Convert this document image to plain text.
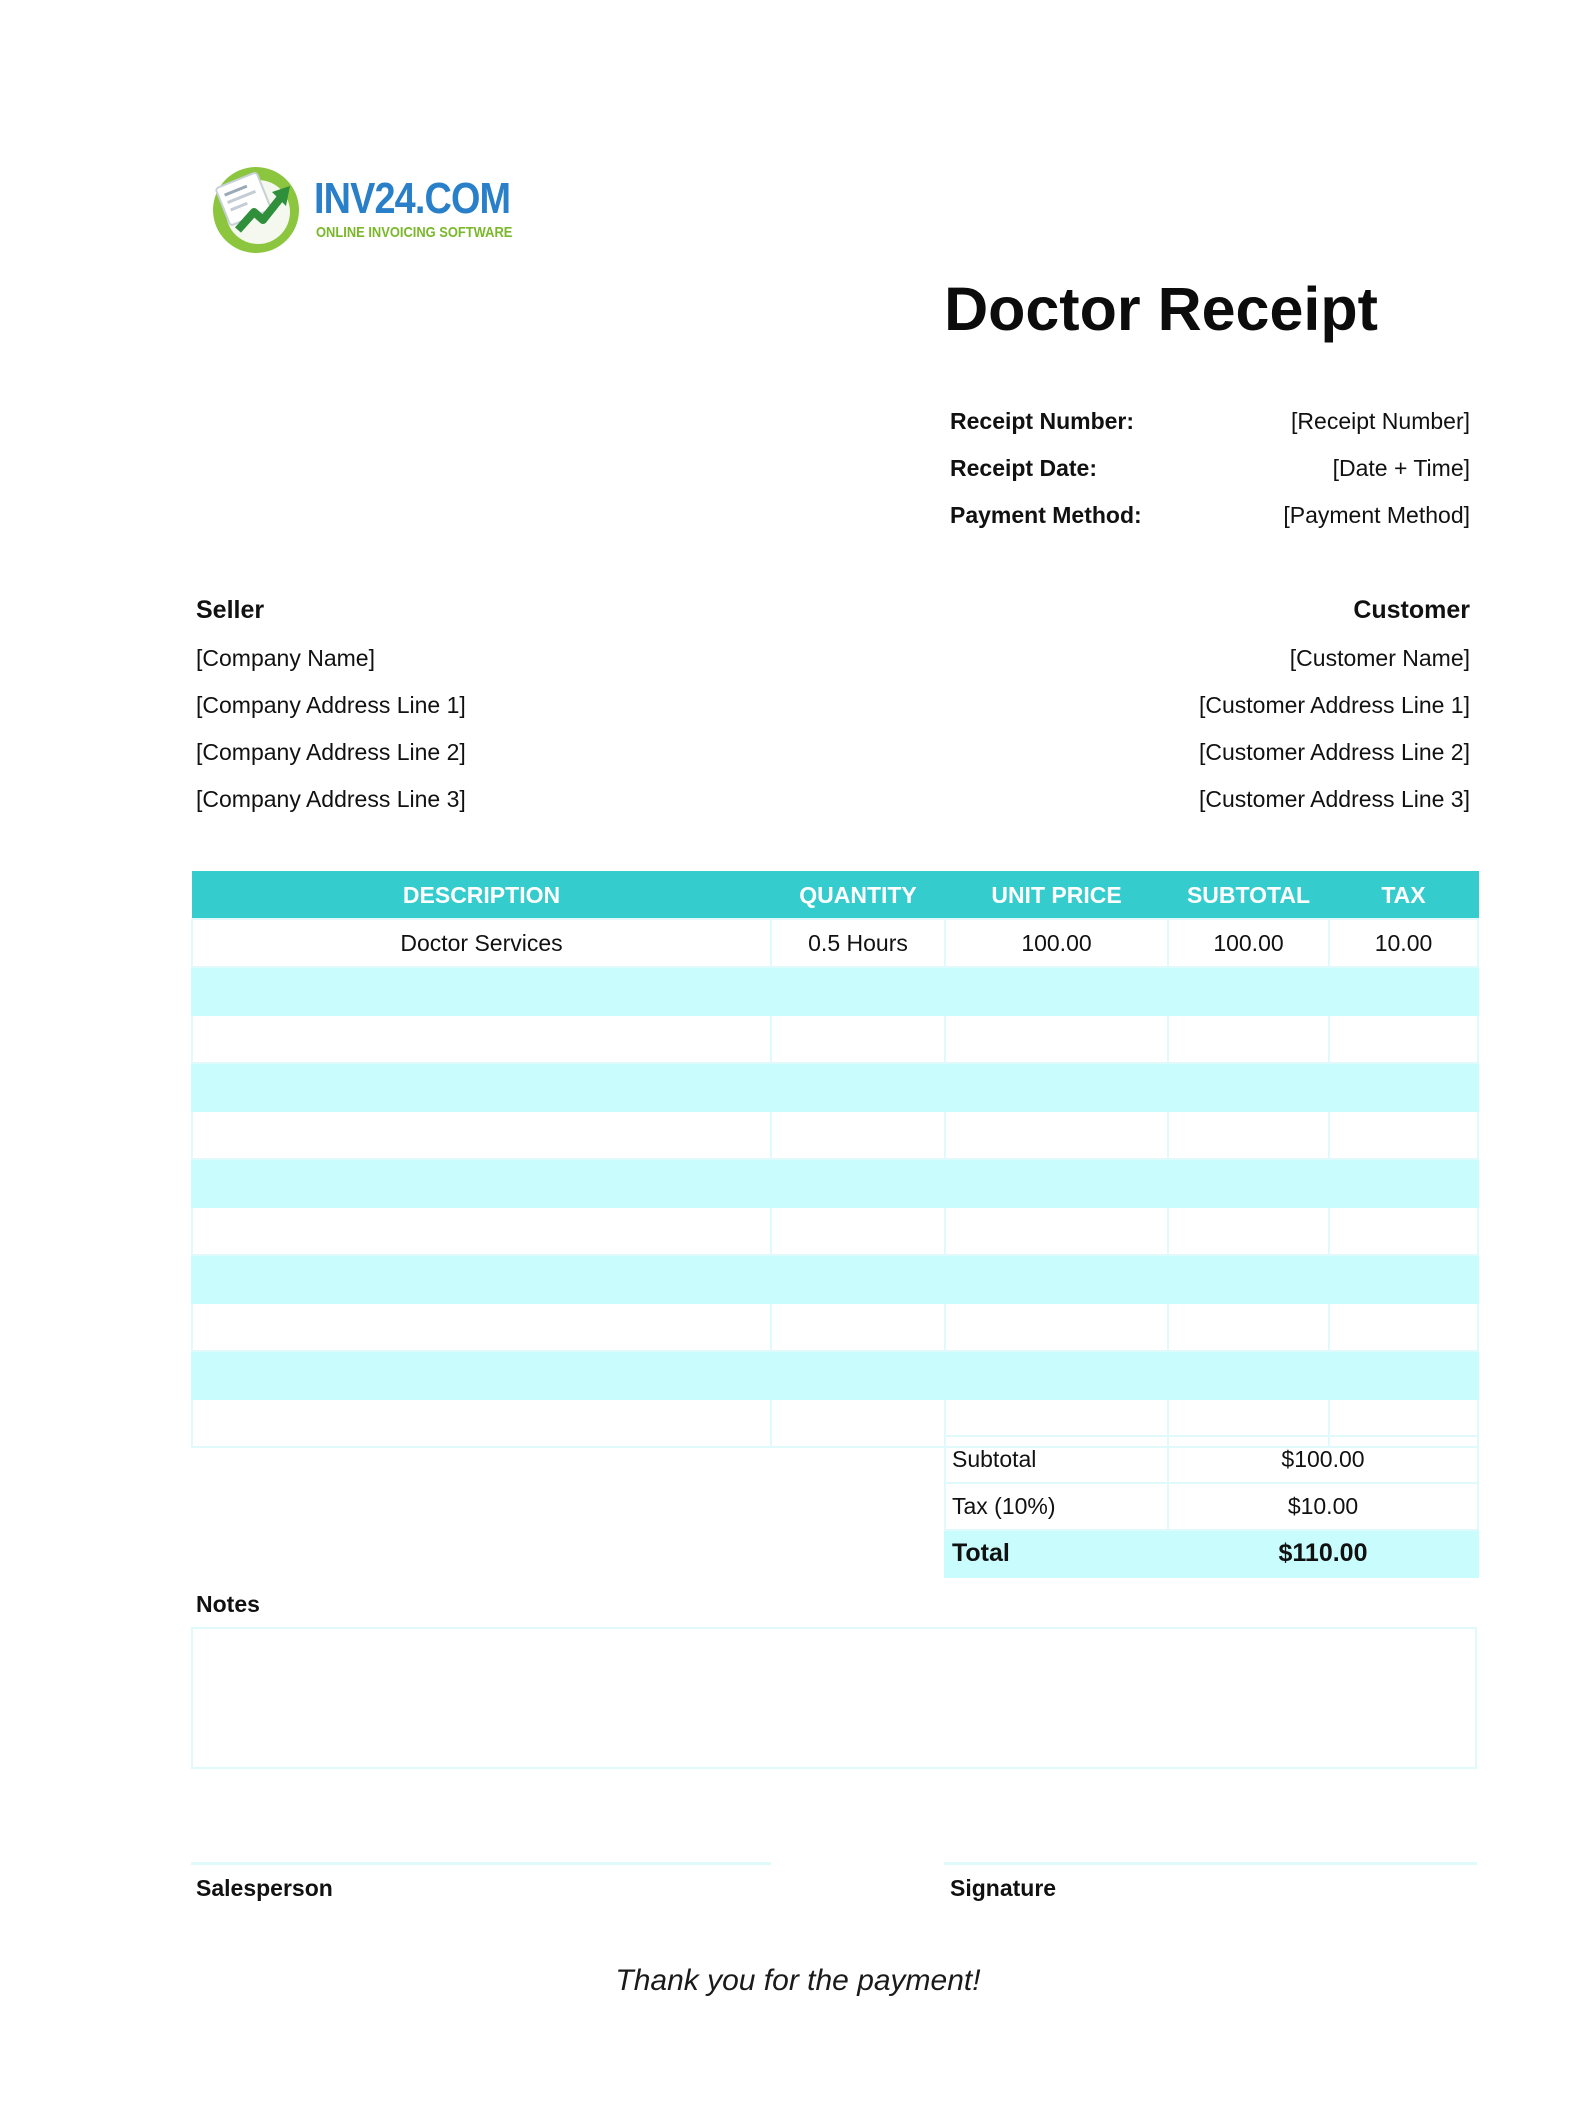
INV24.COM
ONLINE INVOICING SOFTWARE
Doctor Receipt
Receipt Number:	[Receipt Number]
Receipt Date:	[Date + Time]
Payment Method:	[Payment Method]
Seller
[Company Name]
[Company Address Line 1]
[Company Address Line 2]
[Company Address Line 3]
Customer
[Customer Name]
[Customer Address Line 1]
[Customer Address Line 2]
[Customer Address Line 3]
DESCRIPTION	QUANTITY	UNIT PRICE	SUBTOTAL	TAX
Doctor Services	0.5 Hours	100.00	100.00	10.00

Subtotal	$100.00
Tax (10%)	$10.00
Total	$110.00
Notes
Salesperson	Signature
Thank you for the payment!
